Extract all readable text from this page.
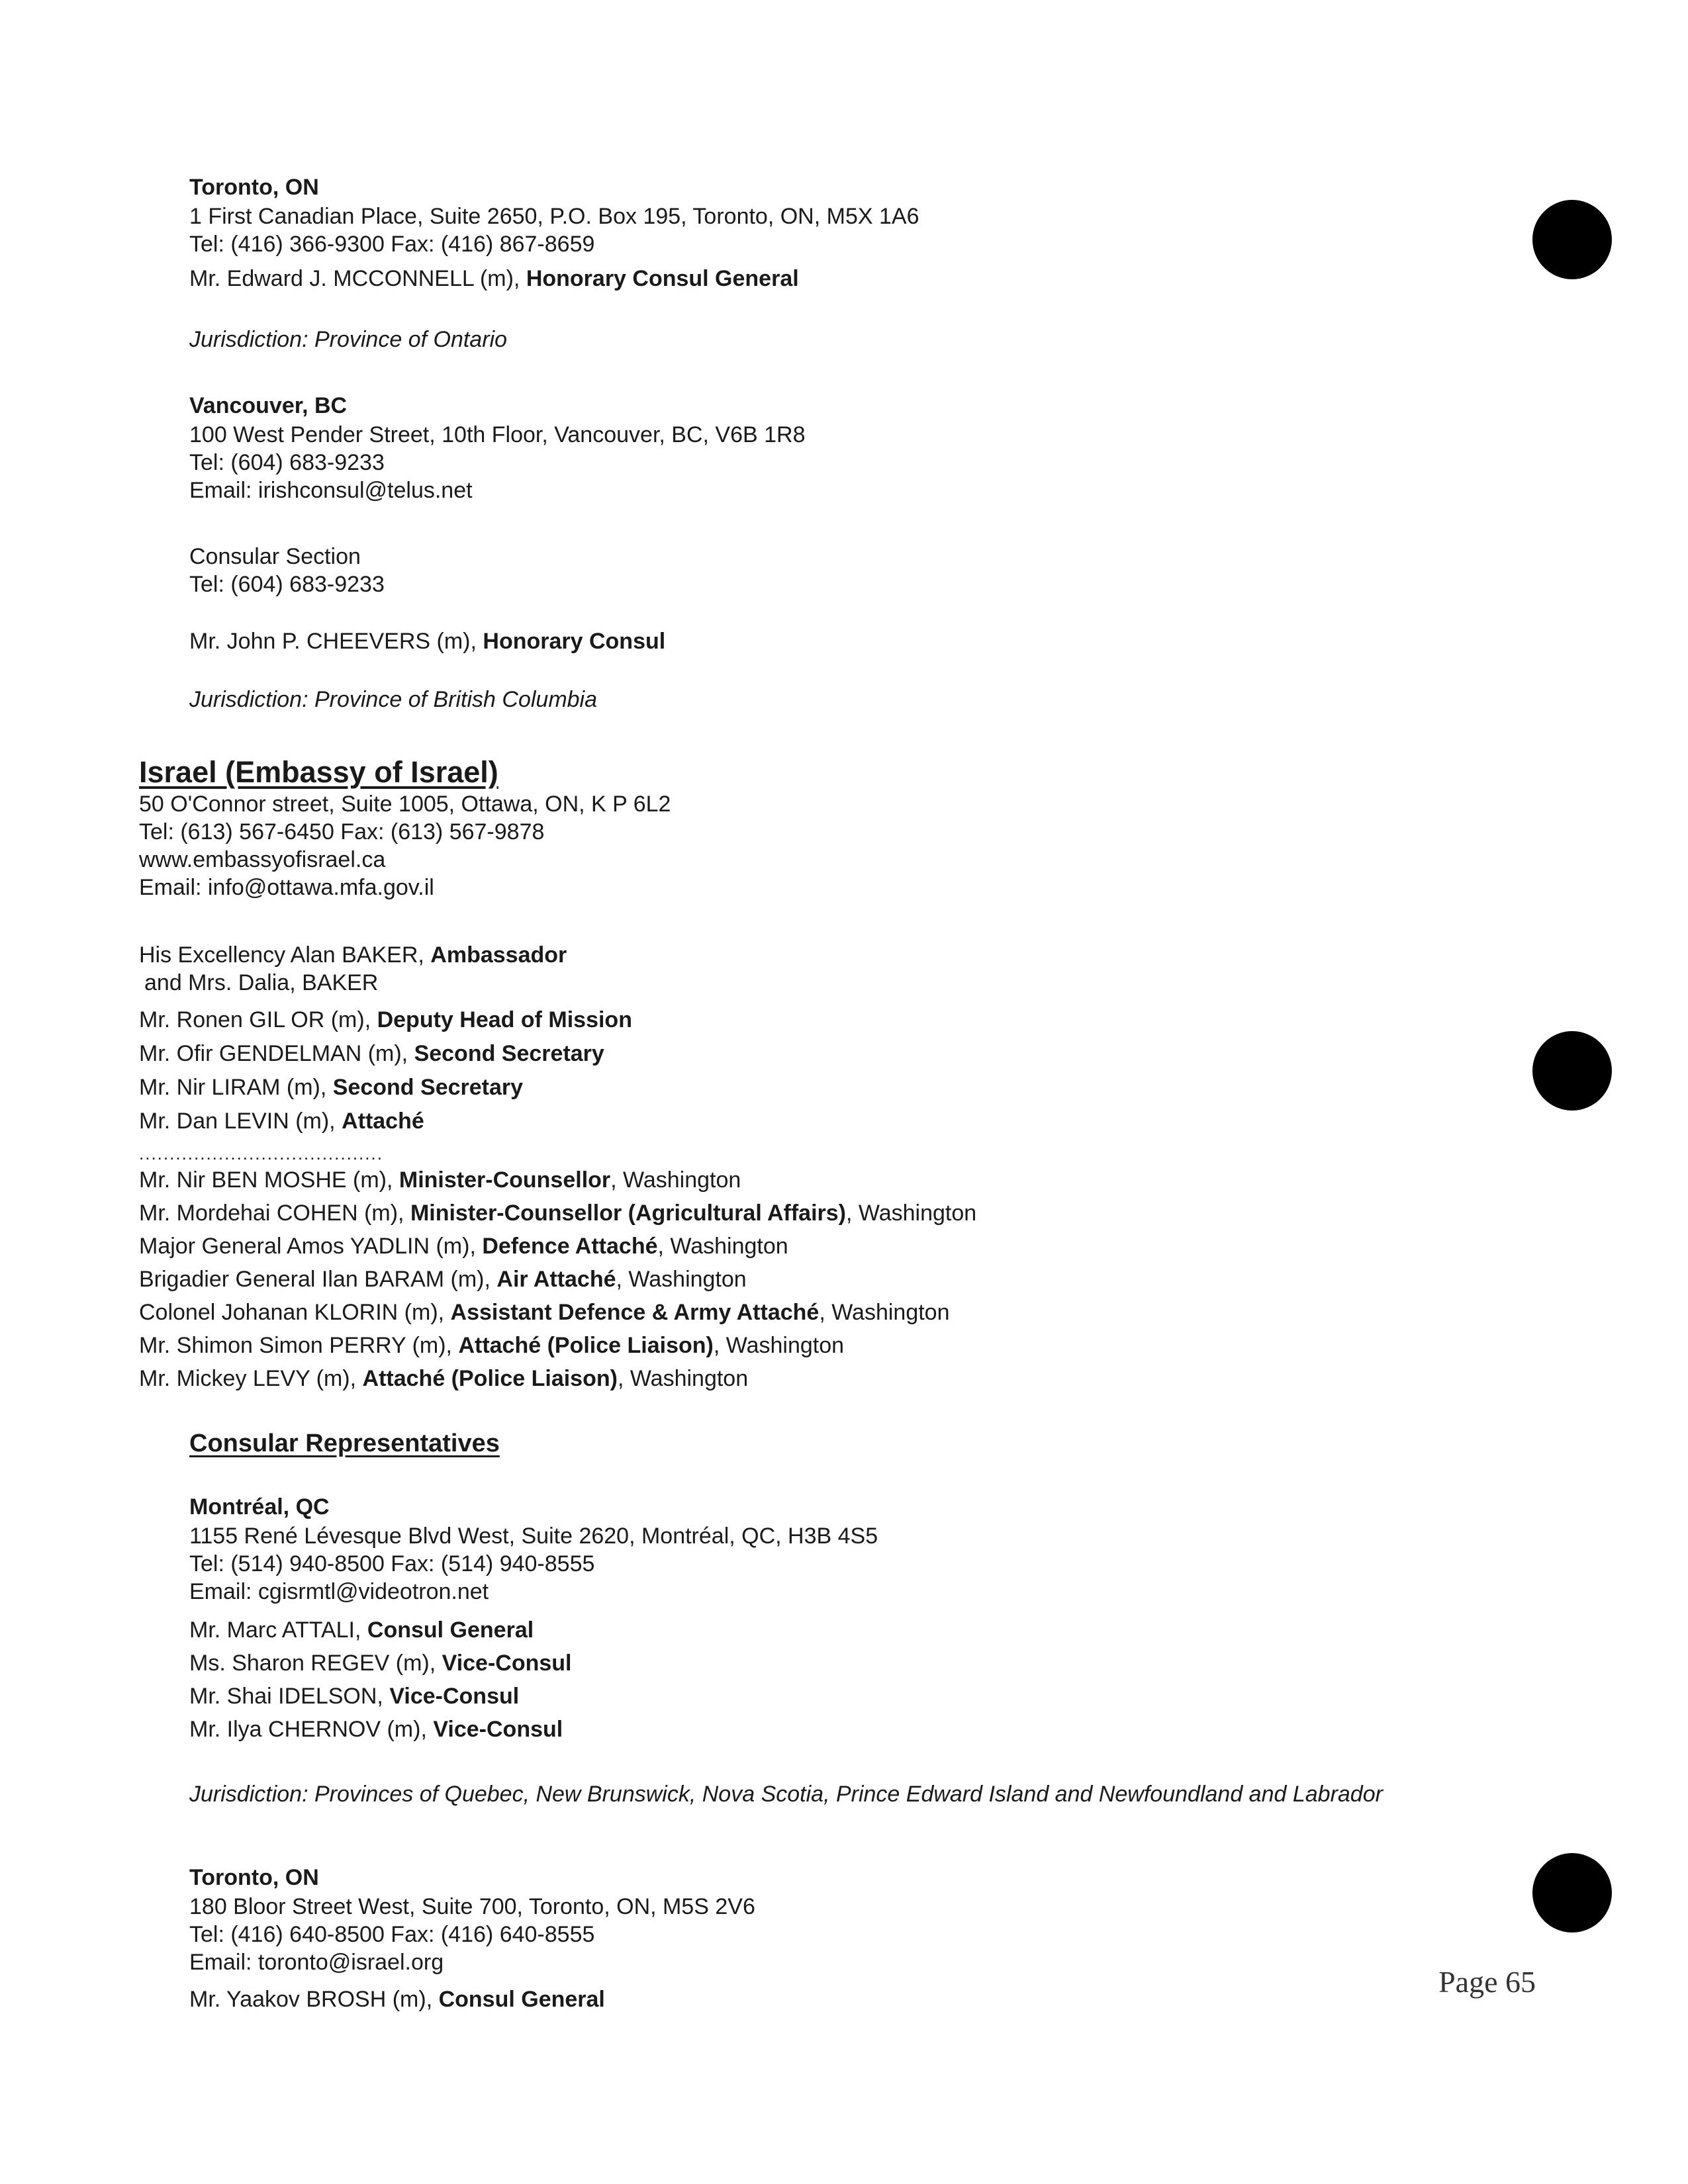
Toronto, ON
1 First Canadian Place, Suite 2650, P.O. Box 195, Toronto, ON, M5X 1A6
Tel: (416) 366-9300 Fax: (416) 867-8659
Mr. Edward J. MCCONNELL (m), Honorary Consul General
Jurisdiction: Province of Ontario
Vancouver, BC
100 West Pender Street, 10th Floor, Vancouver, BC, V6B 1R8
Tel: (604) 683-9233
Email: irishconsul@telus.net
Consular Section
Tel: (604) 683-9233
Mr. John P. CHEEVERS (m), Honorary Consul
Jurisdiction: Province of British Columbia
Israel (Embassy of Israel)
50 O'Connor street, Suite 1005, Ottawa, ON, K P 6L2
Tel: (613) 567-6450 Fax: (613) 567-9878
www.embassyofisrael.ca
Email: info@ottawa.mfa.gov.il
His Excellency Alan BAKER, Ambassador
and Mrs. Dalia, BAKER
Mr. Ronen GIL OR (m), Deputy Head of Mission
Mr. Ofir GENDELMAN (m), Second Secretary
Mr. Nir LIRAM (m), Second Secretary
Mr. Dan LEVIN (m), Attaché
........................................
Mr. Nir BEN MOSHE (m), Minister-Counsellor, Washington
Mr. Mordehai COHEN (m), Minister-Counsellor (Agricultural Affairs), Washington
Major General Amos YADLIN (m), Defence Attaché, Washington
Brigadier General Ilan BARAM (m), Air Attaché, Washington
Colonel Johanan KLORIN (m), Assistant Defence & Army Attaché, Washington
Mr. Shimon Simon PERRY (m), Attaché (Police Liaison), Washington
Mr. Mickey LEVY (m), Attaché (Police Liaison), Washington
Consular Representatives
Montréal, QC
1155 René Lévesque Blvd West, Suite 2620, Montréal, QC, H3B 4S5
Tel: (514) 940-8500 Fax: (514) 940-8555
Email: cgisrmtl@videotron.net
Mr. Marc ATTALI, Consul General
Ms. Sharon REGEV (m), Vice-Consul
Mr. Shai IDELSON, Vice-Consul
Mr. Ilya CHERNOV (m), Vice-Consul
Jurisdiction: Provinces of Quebec, New Brunswick, Nova Scotia, Prince Edward Island and Newfoundland and Labrador
Toronto, ON
180 Bloor Street West, Suite 700, Toronto, ON, M5S 2V6
Tel: (416) 640-8500 Fax: (416) 640-8555
Email: toronto@israel.org
Mr. Yaakov BROSH (m), Consul General
Page 65
